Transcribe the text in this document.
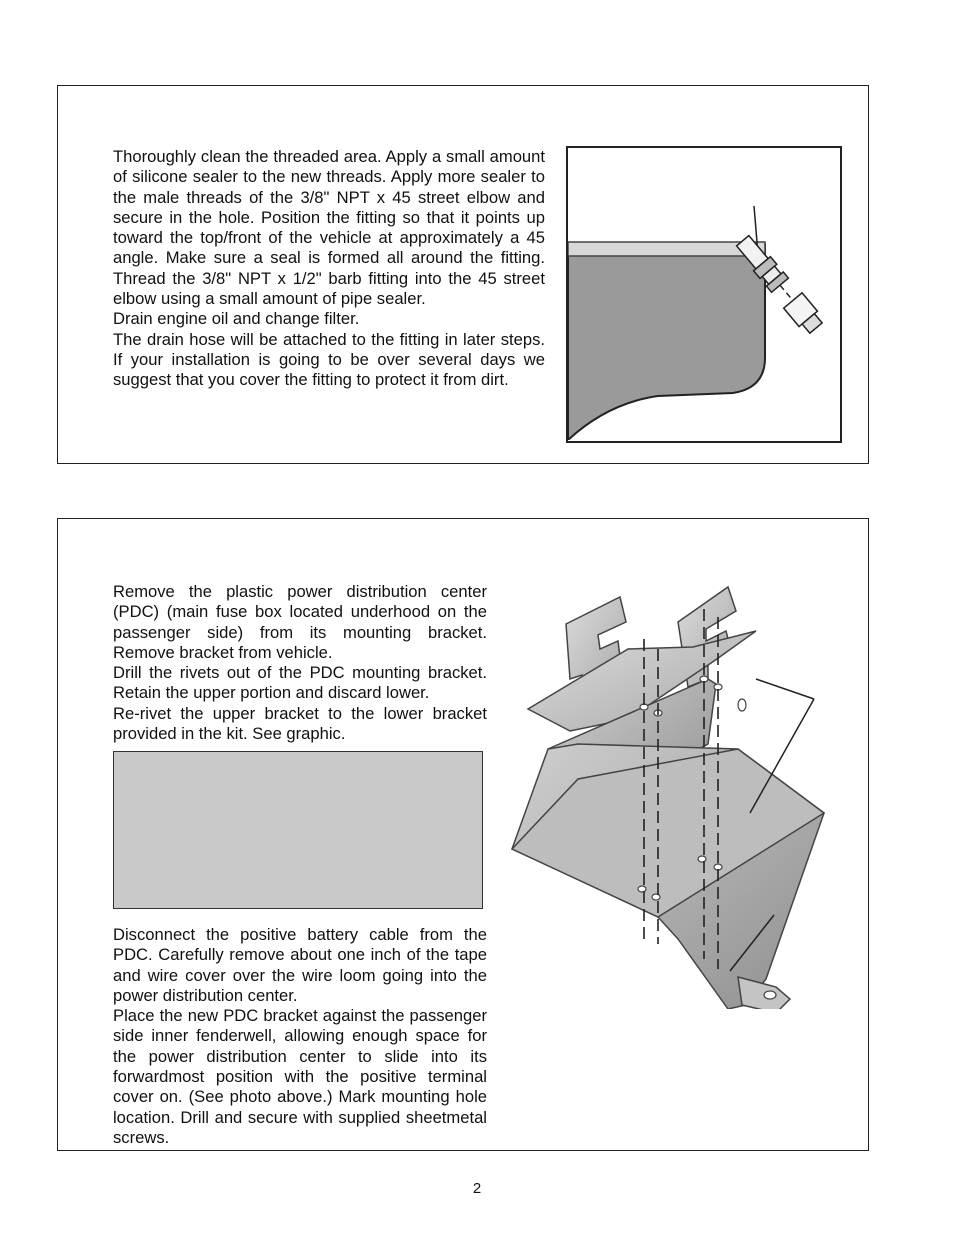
Thoroughly clean the threaded area. Apply a small amount of silicone sealer to the new threads. Apply more sealer to the male threads of the 3/8" NPT x 45 street elbow and secure in the hole. Position the fitting so that it points up toward the top/front of the vehicle at approximately a 45 angle. Make sure a seal is formed all around the fitting. Thread the 3/8" NPT x 1/2" barb fitting into the 45 street elbow using a small amount of pipe sealer.

Drain engine oil and change filter.

The drain hose will be attached to the fitting in later steps. If your installation is going to be over several days we suggest that you cover the fitting to protect it from dirt.

Remove the plastic power distribution center (PDC) (main fuse box located underhood on the passenger side) from its mounting bracket. Remove bracket from vehicle.

Drill the rivets out of the PDC mounting bracket. Retain the upper portion and discard lower.

Re-rivet the upper bracket to the lower bracket provided in the kit. See graphic.

Disconnect the positive battery cable from the PDC. Carefully remove about one inch of the tape and wire cover over the wire loom going into the power distribution center.

Place the new PDC bracket against the passenger side inner fenderwell, allowing enough space for the power distribution center to slide into its forwardmost position with the positive terminal cover on. (See photo above.) Mark mounting hole location. Drill and secure with supplied sheetmetal screws.

2
